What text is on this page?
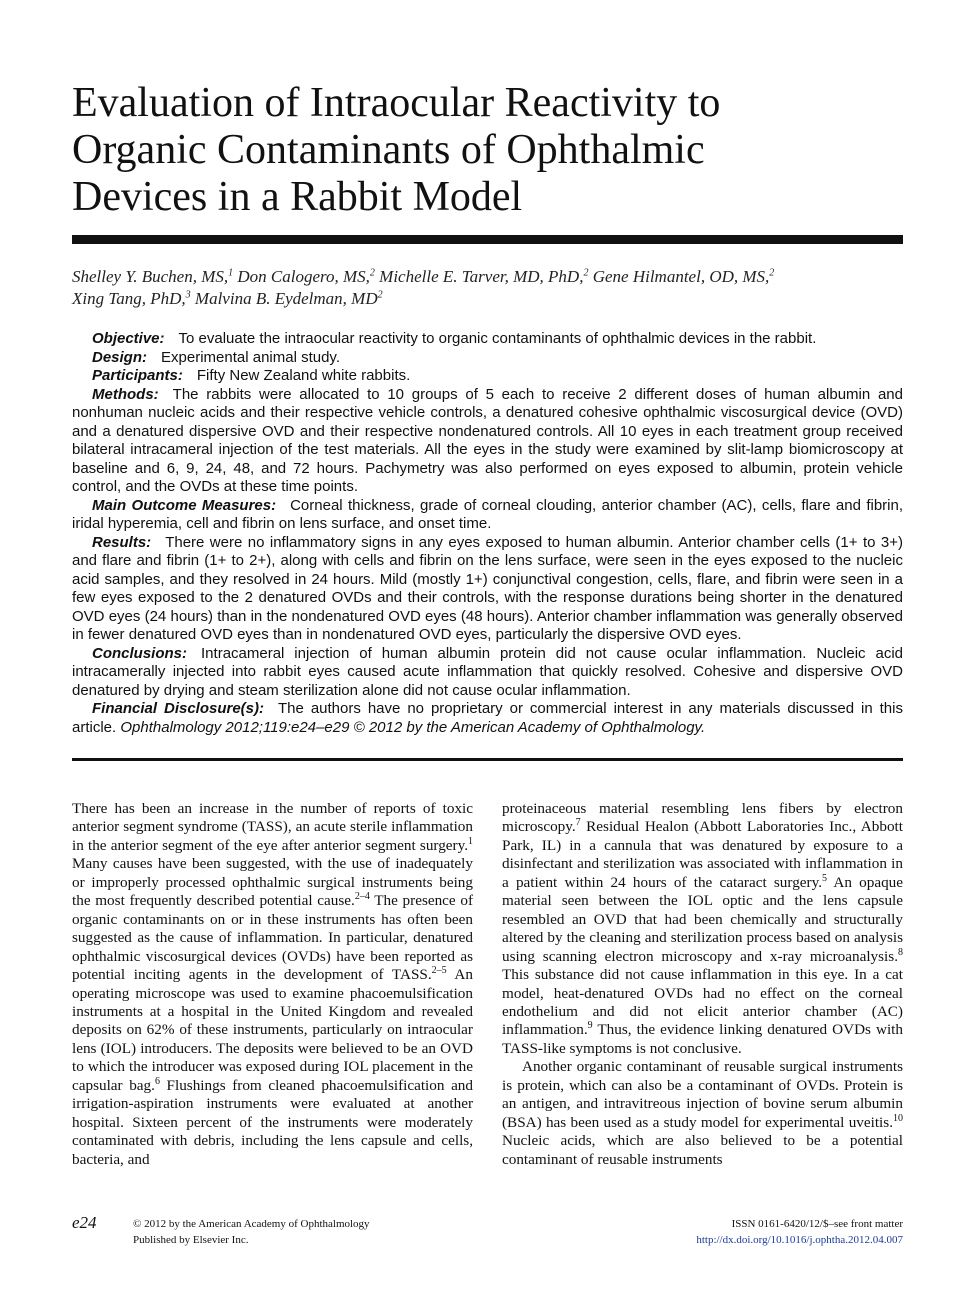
Evaluation of Intraocular Reactivity to
Organic Contaminants of Ophthalmic
Devices in a Rabbit Model
Shelley Y. Buchen, MS,$^1$ Don Calogero, MS,$^2$ Michelle E. Tarver, MD, PhD,$^2$ Gene Hilmantel, OD, MS,$^2$
Xing Tang, PhD,$^3$ Malvina B. Eydelman, $MD^2$

Objective: To evaluate the intraocular reactivity to organic contaminants of ophthalmic devices in the rabbit.

Design: Experimental animal study.

Participants: Fifty New Zealand white rabbits.

Methods: The rabbits were allocated to 10 groups of 5 each to receive 2 different doses of human albumin and nonhuman nucleic acids and their respective vehicle controls, a denatured cohesive ophthalmic viscosurgical device (OVD) and a denatured dispersive OVD and their respective nondenatured controls. All 10 eyes in each treatment group received bilateral intracameral injection of the test materials. All the eyes in the study were examined by slit-lamp biomicroscopy at baseline and 6, 9, 24, 48, and 72 hours. Pachymetry was also performed on eyes exposed to albumin, protein vehicle control, and the OVDs at these time points.

Main Outcome Measures: Corneal thickness, grade of corneal clouding, anterior chamber (AC), cells, flare and fibrin, iridal hyperemia, cell and fibrin on lens surface, and onset time.

Results: There were no inflammatory signs in any eyes exposed to human albumin. Anterior chamber cells (1+ to 3+) and flare and fibrin (1+ to 2+), along with cells and fibrin on the lens surface, were seen in the eyes exposed to the nucleic acid samples, and they resolved in 24 hours. Mild (mostly 1+) conjunctival congestion, cells, flare, and fibrin were seen in a few eyes exposed to the 2 denatured OVDs and their controls, with the response durations being shorter in the denatured OVD eyes (24 hours) than in the nondenatured OVD eyes (48 hours). Anterior chamber inflammation was generally observed in fewer denatured OVD eyes than in nondenatured OVD eyes, particularly the dispersive OVD eyes.

Conclusions: Intracameral injection of human albumin protein did not cause ocular inflammation. Nucleic acid intracamerally injected into rabbit eyes caused acute inflammation that quickly resolved. Cohesive and dispersive OVD denatured by drying and steam sterilization alone did not cause ocular inflammation.

Financial Disclosure(s): The authors have no proprietary or commercial interest in any materials discussed in this article. Ophthalmology 2012;119:e24–e29 © 2012 by the American Academy of Ophthalmology.

There has been an increase in the number of reports of toxic anterior segment syndrome (TASS), an acute sterile inflammation in the anterior segment of the eye after anterior segment surgery.$^1$ Many causes have been suggested, with the use of inadequately or improperly processed ophthalmic surgical instruments being the most frequently described potential cause.$^{2-4}$ The presence of organic contaminants on or in these instruments has often been suggested as the cause of inflammation. In particular, denatured ophthalmic viscosurgical devices (OVDs) have been reported as potential inciting agents in the development of TASS.$^{2-5}$ An operating microscope was used to examine phacoemulsification instruments at a hospital in the United Kingdom and revealed deposits on 62% of these instruments, particularly on intraocular lens (IOL) introducers. The deposits were believed to be an OVD to which the introducer was exposed during IOL placement in the capsular bag.$^6$ Flushings from cleaned phacoemulsification and irrigation-aspiration instruments were evaluated at another hospital. Sixteen percent of the instruments were moderately contaminated with debris, including the lens capsule and cells, bacteria, and

proteinaceous material resembling lens fibers by electron microscopy.$^7$ Residual Healon (Abbott Laboratories Inc., Abbott Park, IL) in a cannula that was denatured by exposure to a disinfectant and sterilization was associated with inflammation in a patient within 24 hours of the cataract surgery.$^5$ An opaque material seen between the IOL optic and the lens capsule resembled an OVD that had been chemically and structurally altered by the cleaning and sterilization process based on analysis using scanning electron microscopy and x-ray microanalysis.$^8$ This substance did not cause inflammation in this eye. In a cat model, heat-denatured OVDs had no effect on the corneal endothelium and did not elicit anterior chamber (AC) inflammation.$^9$ Thus, the evidence linking denatured OVDs with TASS-like symptoms is not conclusive.

Another organic contaminant of reusable surgical instruments is protein, which can also be a contaminant of OVDs. Protein is an antigen, and intravitreous injection of bovine serum albumin (BSA) has been used as a study model for experimental uveitis.$^{10}$ Nucleic acids, which are also believed to be a potential contaminant of reusable instruments

e24	© 2012 by the American Academy of Ophthalmology
Published by Elsevier Inc.
ISSN 0161-6420/12/$–see front matter
http://dx.doi.org/10.1016/j.ophtha.2012.04.007
